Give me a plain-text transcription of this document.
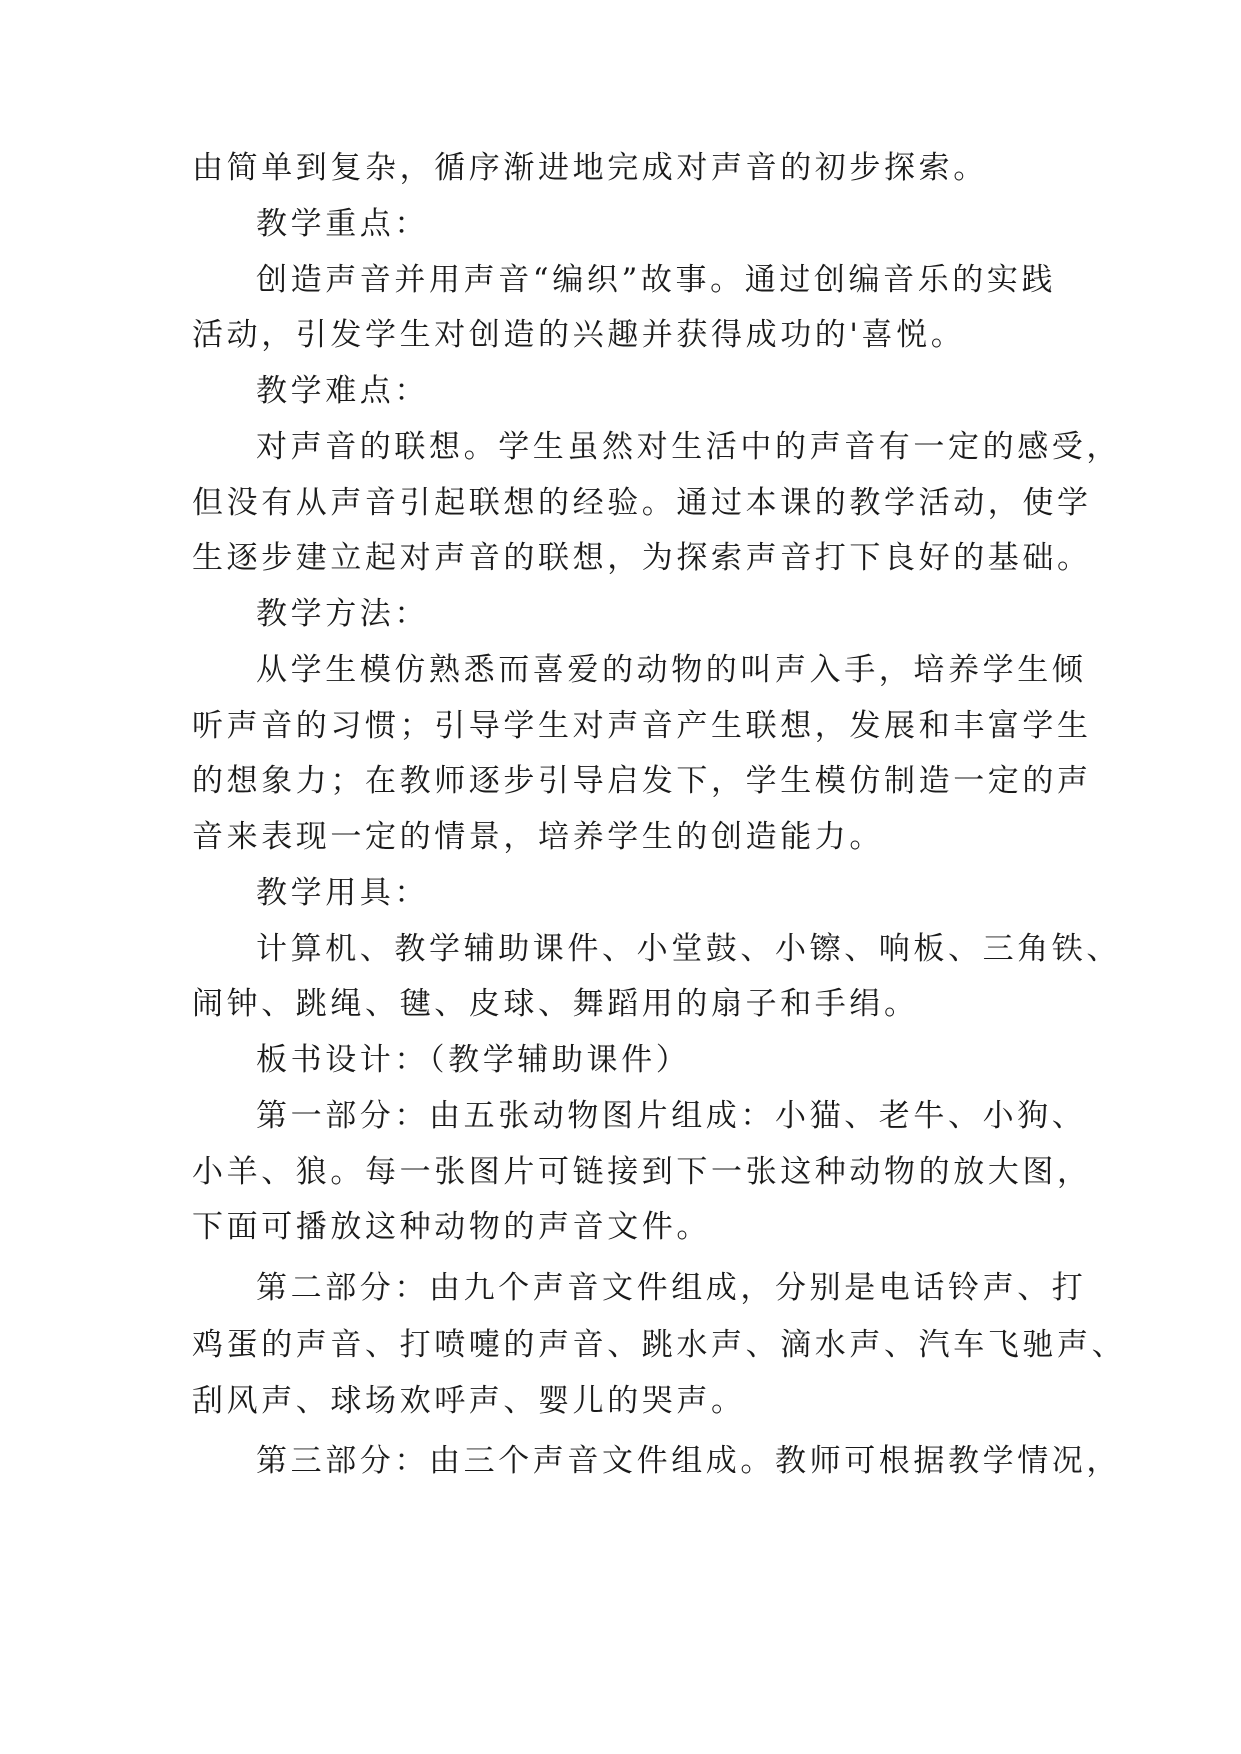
由简单到复杂，循序渐进地完成对声音的初步探索。
教学重点：
创造声音并用声音“编织”故事。通过创编音乐的实践
活动，引发学生对创造的兴趣并获得成功的'喜悦。
教学难点：
对声音的联想。学生虽然对生活中的声音有一定的感受，
但没有从声音引起联想的经验。通过本课的教学活动，使学
生逐步建立起对声音的联想，为探索声音打下良好的基础。
教学方法：
从学生模仿熟悉而喜爱的动物的叫声入手，培养学生倾
听声音的习惯；引导学生对声音产生联想，发展和丰富学生
的想象力；在教师逐步引导启发下，学生模仿制造一定的声
音来表现一定的情景，培养学生的创造能力。
教学用具：
计算机、教学辅助课件、小堂鼓、小镲、响板、三角铁、
闹钟、跳绳、毽、皮球、舞蹈用的扇子和手绢。
板书设计：（教学辅助课件）
第一部分：由五张动物图片组成：小猫、老牛、小狗、
小羊、狼。每一张图片可链接到下一张这种动物的放大图，
下面可播放这种动物的声音文件。
第二部分：由九个声音文件组成，分别是电话铃声、打
鸡蛋的声音、打喷嚏的声音、跳水声、滴水声、汽车飞驰声、
刮风声、球场欢呼声、婴儿的哭声。
第三部分：由三个声音文件组成。教师可根据教学情况，
